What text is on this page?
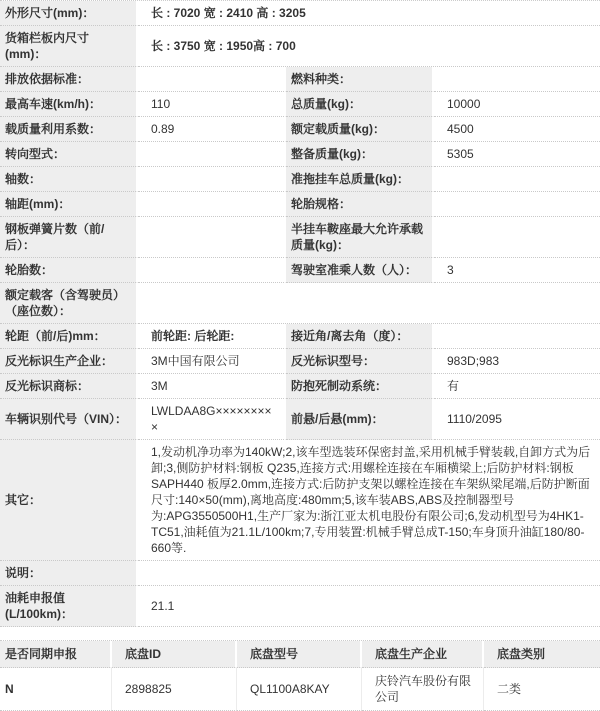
外形尺寸(mm)：	长 : 7020 宽 : 2410 高 : 3205		
货箱栏板内尺寸(mm)：	长 : 3750 宽 : 1950高 : 700		
排放依据标准：		燃料种类：	
最高车速(km/h)：	110	总质量(kg)：	10000
载质量利用系数：	0.89	额定载质量(kg)：	4500
转向型式：		整备质量(kg)：	5305
轴数：		准拖挂车总质量(kg)：	
轴距(mm)：		轮胎规格：	
钢板弹簧片数（前/后）：		半挂车鞍座最大允许承载质量(kg)：	
轮胎数：		驾驶室准乘人数（人）：	3
额定载客（含驾驶员）（座位数）：			
轮距（前/后)mm：	前轮距: 后轮距:	接近角/离去角（度）：	
反光标识生产企业：	3M中国有限公司	反光标识型号：	983D;983
反光标识商标：	3M	防抱死制动系统：	有
车辆识别代号（VIN）：	LWLDAA8G×××××××××	前悬/后悬(mm)：	1110/2095
其它：	1,发动机净功率为140kW;2,该车型选装环保密封盖,采用机械手臂装载,自卸方式为后卸;3,侧防护材料:钢板 Q235,连接方式:用螺栓连接在车厢横梁上;后防护材料:钢板 SAPH440 板厚2.0mm,连接方式:后防护支架以螺栓连接在车架纵梁尾端,后防护断面尺寸:140×50(mm),离地高度:480mm;5,该车装ABS,ABS及控制器型号为:APG3550500H1,生产厂家为:浙江亚太机电股份有限公司;6,发动机型号为4HK1-TC51,油耗值为21.1L/100km;7,专用装置:机械手臂总成T-150;车身顶升油缸180/80-660等.		
说明：			
油耗申报值(L/100km)：	21.1		
是否同期申报	底盘ID	底盘型号	底盘生产企业	底盘类别
N	2898825	QL1100A8KAY	庆铃汽车股份有限公司	二类
